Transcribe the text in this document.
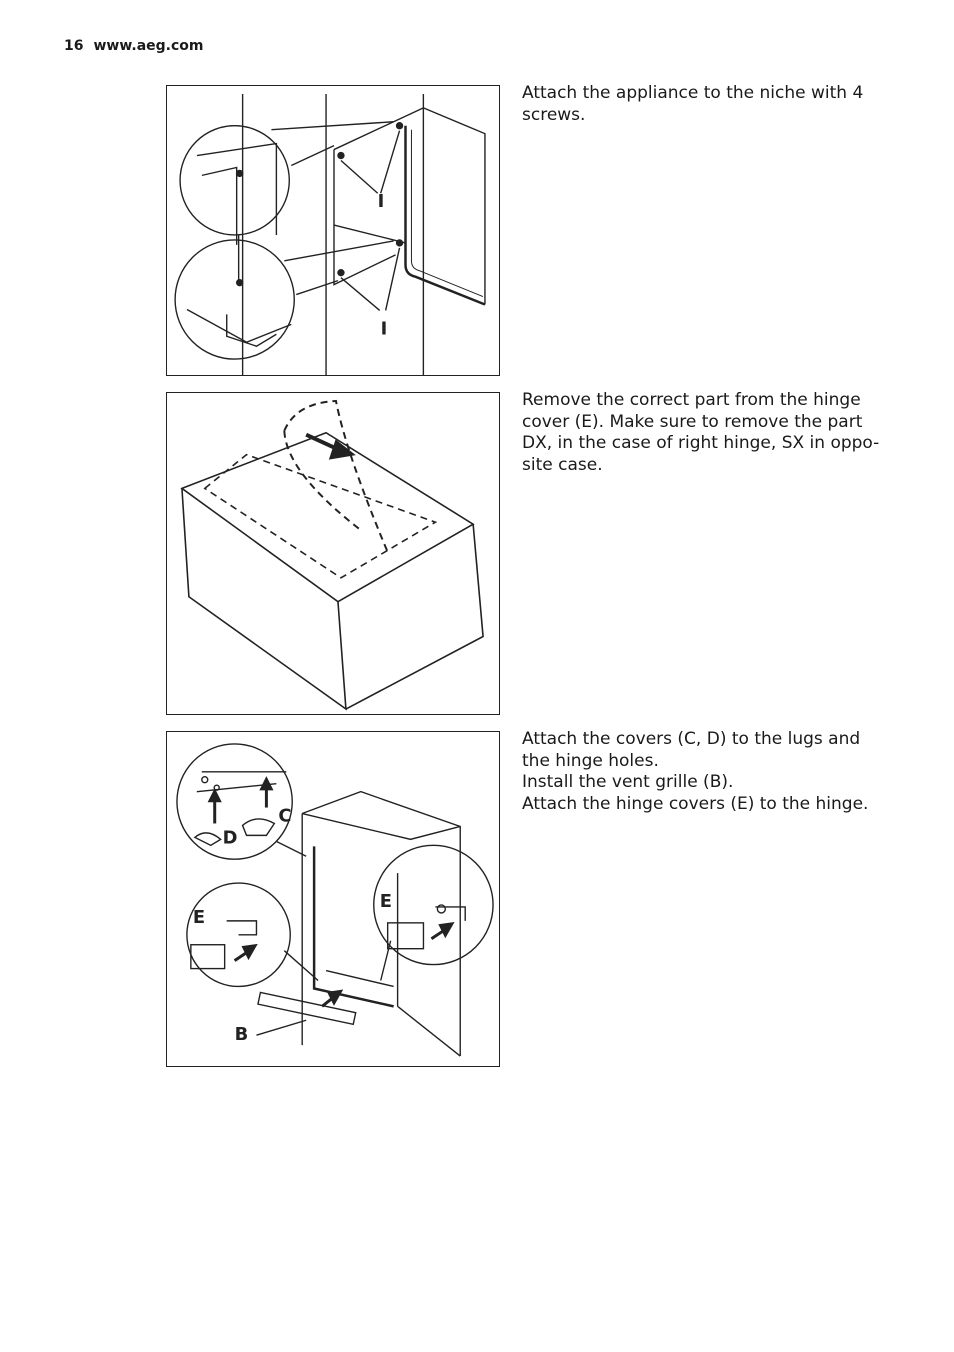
16 www.aeg.com
I
I

Attach the appliance to the niche with 4

screws.

Remove the correct part from the hinge

cover (E). Make sure to remove the part

DX, in the case of right hinge, SX in oppo-

site case.

C
D
E
E
B

Attach the covers (C, D) to the lugs and

the hinge holes.

Install the vent grille (B).

Attach the hinge covers (E) to the hinge.
